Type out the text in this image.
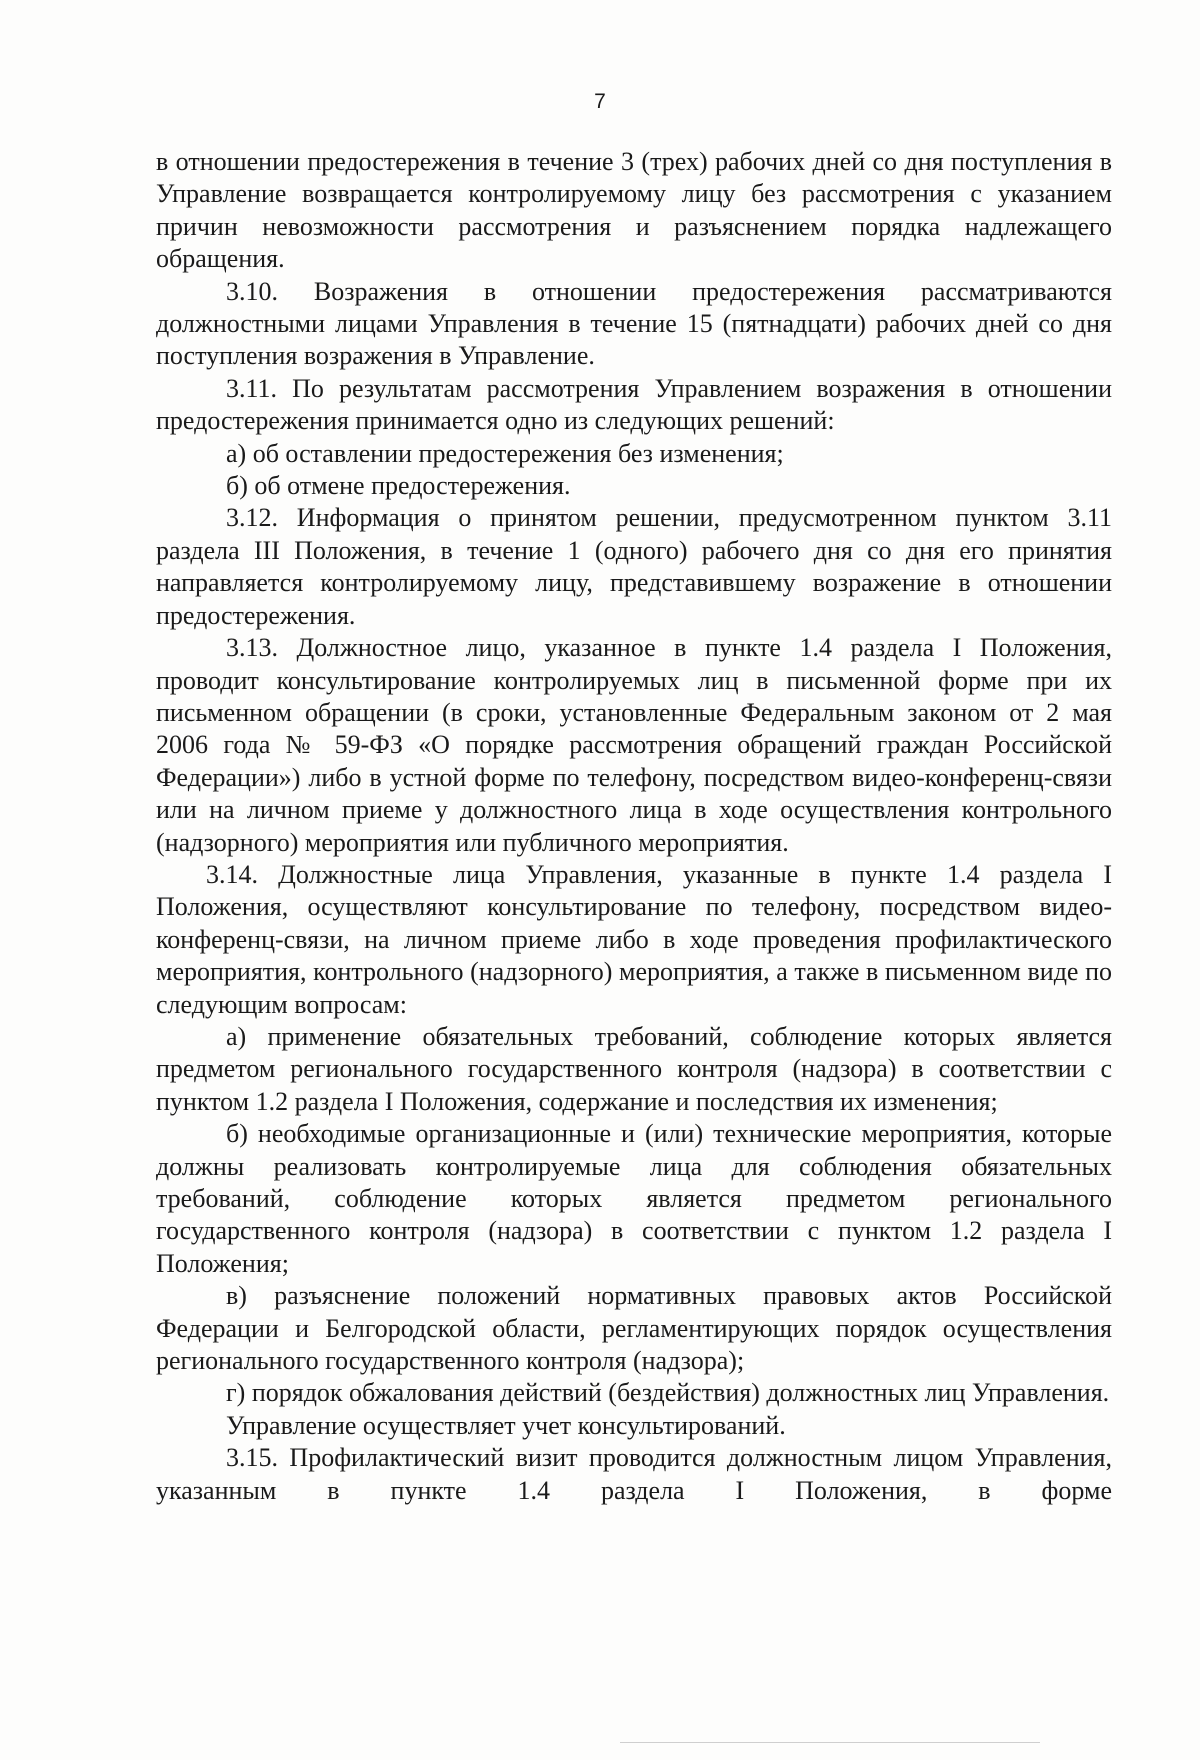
7

в отношении предостережения в течение 3 (трех) рабочих дней со дня поступления в Управление возвращается контролируемому лицу без рассмотрения с указанием причин невозможности рассмотрения и разъяснением порядка надлежащего обращения.

3.10. Возражения в отношении предостережения рассматриваются должностными лицами Управления в течение 15 (пятнадцати) рабочих дней со дня поступления возражения в Управление.

3.11. По результатам рассмотрения Управлением возражения в отношении предостережения принимается одно из следующих решений:

а) об оставлении предостережения без изменения;

б) об отмене предостережения.

3.12. Информация о принятом решении, предусмотренном пунктом 3.11 раздела III Положения, в течение 1 (одного) рабочего дня со дня его принятия направляется контролируемому лицу, представившему возражение в отношении предостережения.

3.13. Должностное лицо, указанное в пункте 1.4 раздела I Положения, проводит консультирование контролируемых лиц в письменной форме при их письменном обращении (в сроки, установленные Федеральным законом от 2 мая 2006 года № 59-ФЗ «О порядке рассмотрения обращений граждан Российской Федерации») либо в устной форме по телефону, посредством видео-конференц-связи или на личном приеме у должностного лица в ходе осуществления контрольного (надзорного) мероприятия или публичного мероприятия.

3.14. Должностные лица Управления, указанные в пункте 1.4 раздела I Положения, осуществляют консультирование по телефону, посредством видео-конференц-связи, на личном приеме либо в ходе проведения профилактического мероприятия, контрольного (надзорного) мероприятия, а также в письменном виде по следующим вопросам:

а) применение обязательных требований, соблюдение которых является предметом регионального государственного контроля (надзора) в соответствии с пунктом 1.2 раздела I Положения, содержание и последствия их изменения;

б) необходимые организационные и (или) технические мероприятия, которые должны реализовать контролируемые лица для соблюдения обязательных требований, соблюдение которых является предметом регионального государственного контроля (надзора) в соответствии с пунктом 1.2 раздела I Положения;

в) разъяснение положений нормативных правовых актов Российской Федерации и Белгородской области, регламентирующих порядок осуществления регионального государственного контроля (надзора);

г) порядок обжалования действий (бездействия) должностных лиц Управления.

Управление осуществляет учет консультирований.

3.15. Профилактический визит проводится должностным лицом Управления, указанным в пункте 1.4 раздела I Положения, в форме
